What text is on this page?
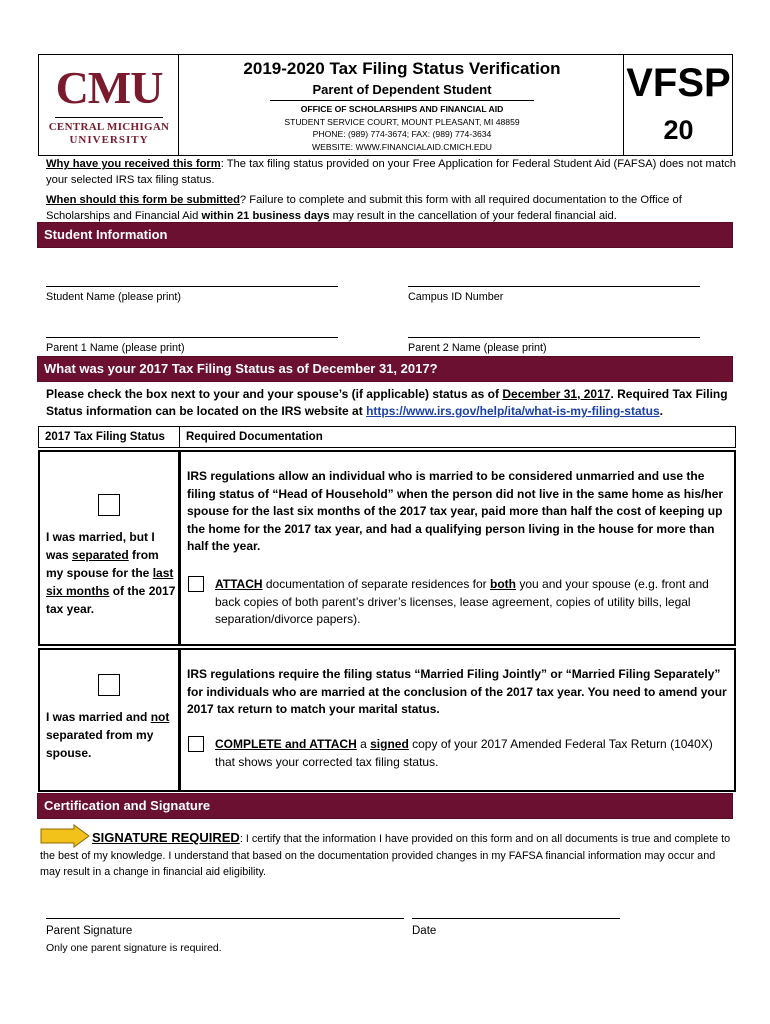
CMU
CENTRAL MICHIGAN
UNIVERSITY
2019-2020 Tax Filing Status Verification
Parent of Dependent Student
OFFICE OF SCHOLARSHIPS AND FINANCIAL AID
STUDENT SERVICE COURT, MOUNT PLEASANT, MI 48859
PHONE: (989) 774-3674; FAX: (989) 774-3634
WEBSITE: WWW.FINANCIALAID.CMICH.EDU
VFSP
20
Why have you received this form: The tax filing status provided on your Free Application for Federal Student Aid (FAFSA) does not match your selected IRS tax filing status.
When should this form be submitted? Failure to complete and submit this form with all required documentation to the Office of Scholarships and Financial Aid within 21 business days may result in the cancellation of your federal financial aid.
Student Information
Student Name (please print)	Campus ID Number
Parent 1 Name (please print)	Parent 2 Name (please print)
What was your 2017 Tax Filing Status as of December 31, 2017?
Please check the box next to your and your spouse’s (if applicable) status as of December 31, 2017. Required Tax Filing Status information can be located on the IRS website at https://www.irs.gov/help/ita/what-is-my-filing-status.
2017 Tax Filing Status	Required Documentation
I was married, but I was separated from my spouse for the last six months of the 2017 tax year.
IRS regulations allow an individual who is married to be considered unmarried and use the filing status of “Head of Household” when the person did not live in the same home as his/her spouse for the last six months of the 2017 tax year, paid more than half the cost of keeping up the home for the 2017 tax year, and had a qualifying person living in the house for more than half the year.
ATTACH documentation of separate residences for both you and your spouse (e.g. front and back copies of both parent’s driver’s licenses, lease agreement, copies of utility bills, legal separation/divorce papers).
I was married and not separated from my spouse.
IRS regulations require the filing status “Married Filing Jointly” or “Married Filing Separately” for individuals who are married at the conclusion of the 2017 tax year. You need to amend your 2017 tax return to match your marital status.
COMPLETE and ATTACH a signed copy of your 2017 Amended Federal Tax Return (1040X) that shows your corrected tax filing status.
Certification and Signature
SIGNATURE REQUIRED: I certify that the information I have provided on this form and on all documents is true and complete to the best of my knowledge. I understand that based on the documentation provided changes in my FAFSA financial information may occur and may result in a change in financial aid eligibility.
Parent Signature	Date
Only one parent signature is required.
